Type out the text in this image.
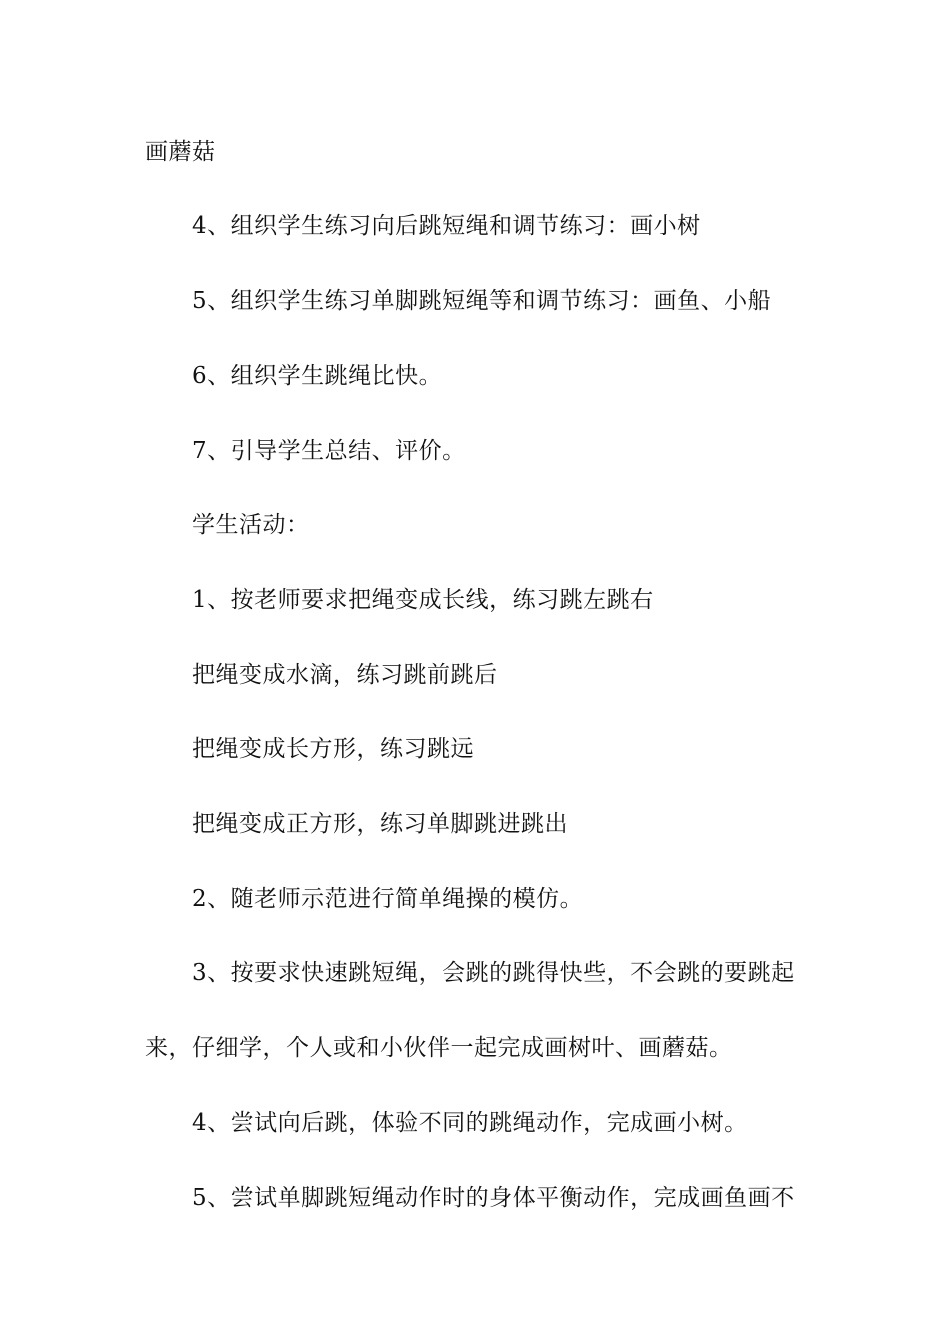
画蘑菇
4、组织学生练习向后跳短绳和调节练习：画小树
5、组织学生练习单脚跳短绳等和调节练习：画鱼、小船
6、组织学生跳绳比快。
7、引导学生总结、评价。
学生活动：
1、按老师要求把绳变成长线，练习跳左跳右
把绳变成水滴，练习跳前跳后
把绳变成长方形，练习跳远
把绳变成正方形，练习单脚跳进跳出
2、随老师示范进行简单绳操的模仿。
3、按要求快速跳短绳，会跳的跳得快些，不会跳的要跳起
来，仔细学，个人或和小伙伴一起完成画树叶、画蘑菇。
4、尝试向后跳，体验不同的跳绳动作，完成画小树。
5、尝试单脚跳短绳动作时的身体平衡动作，完成画鱼画不
